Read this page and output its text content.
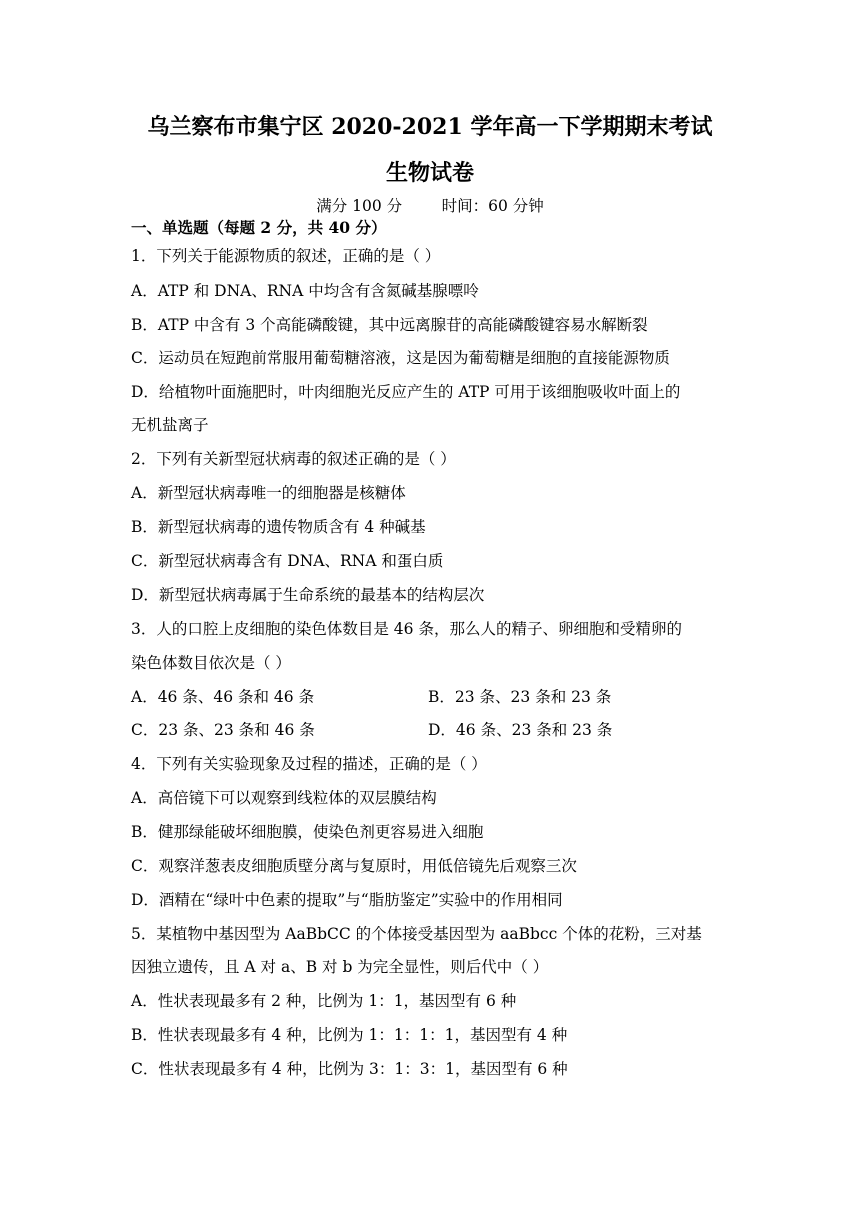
乌兰察布市集宁区 2020-2021 学年高一下学期期末考试
生物试卷
满分 100 分        时间：60 分钟
一、单选题（每题 2 分，共 40 分）
1．下列关于能源物质的叙述，正确的是（ ）
A．ATP 和 DNA、RNA 中均含有含氮碱基腺嘌呤
B．ATP 中含有 3 个高能磷酸键，其中远离腺苷的高能磷酸键容易水解断裂
C．运动员在短跑前常服用葡萄糖溶液，这是因为葡萄糖是细胞的直接能源物质
D．给植物叶面施肥时，叶肉细胞光反应产生的 ATP 可用于该细胞吸收叶面上的
无机盐离子
2．下列有关新型冠状病毒的叙述正确的是（ ）
A．新型冠状病毒唯一的细胞器是核糖体
B．新型冠状病毒的遗传物质含有 4 种碱基
C．新型冠状病毒含有 DNA、RNA 和蛋白质
D．新型冠状病毒属于生命系统的最基本的结构层次
3．人的口腔上皮细胞的染色体数目是 46 条，那么人的精子、卵细胞和受精卵的
染色体数目依次是（ ）
A．46 条、46 条和 46 条	B．23 条、23 条和 23 条
C．23 条、23 条和 46 条	D．46 条、23 条和 23 条
4．下列有关实验现象及过程的描述，正确的是（ ）
A．高倍镜下可以观察到线粒体的双层膜结构
B．健那绿能破坏细胞膜，使染色剂更容易进入细胞
C．观察洋葱表皮细胞质壁分离与复原时，用低倍镜先后观察三次
D．酒精在“绿叶中色素的提取”与“脂肪鉴定”实验中的作用相同
5．某植物中基因型为 AaBbCC 的个体接受基因型为 aaBbcc 个体的花粉，三对基
因独立遗传，且 A 对 a、B 对 b 为完全显性，则后代中（ ）
A．性状表现最多有 2 种，比例为 1：1，基因型有 6 种
B．性状表现最多有 4 种，比例为 1：1：1：1，基因型有 4 种
C．性状表现最多有 4 种，比例为 3：1：3：1，基因型有 6 种
